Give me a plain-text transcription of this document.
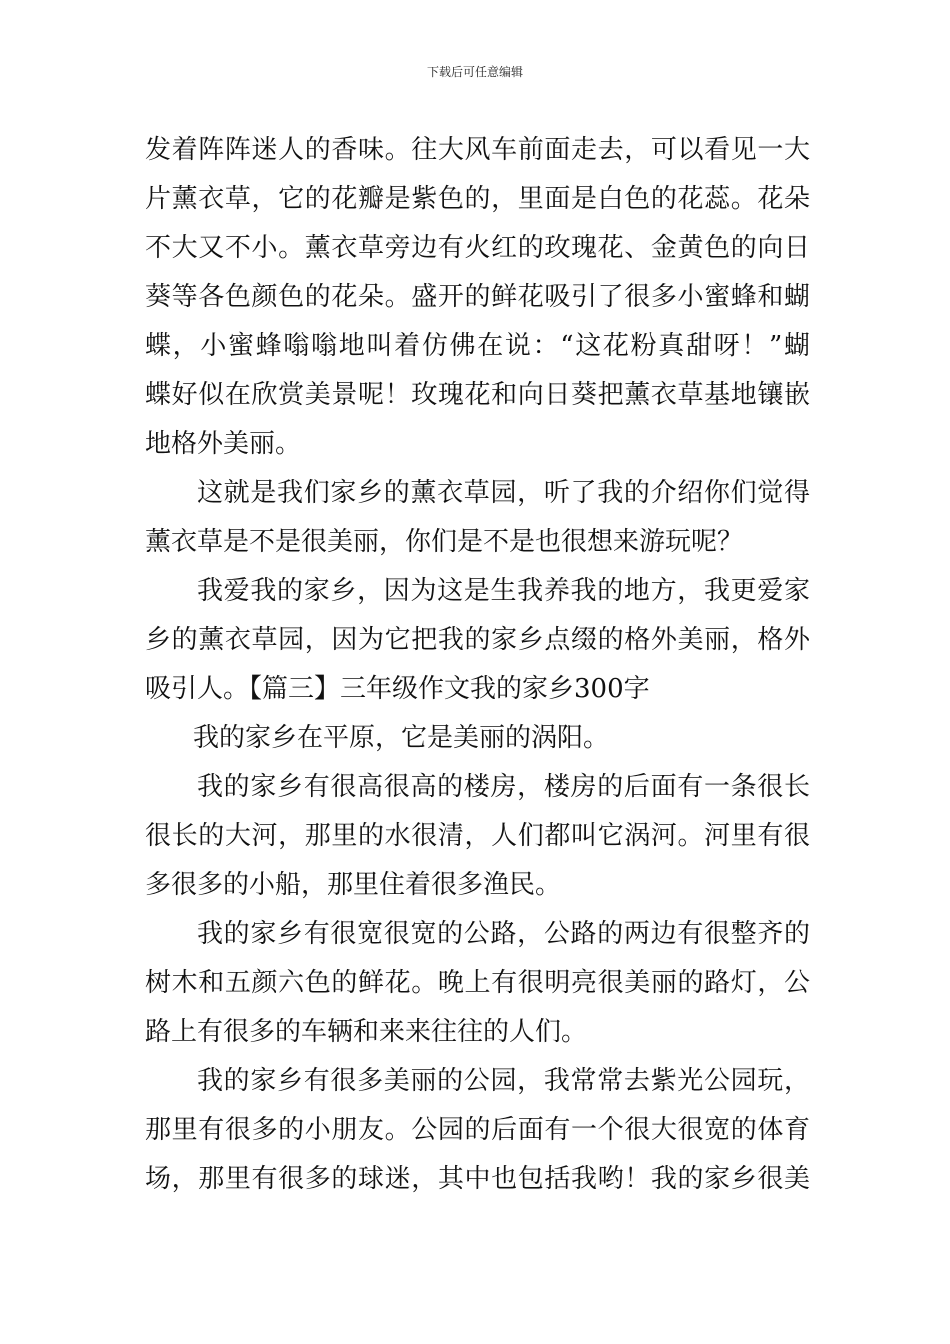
下载后可任意编辑
发着阵阵迷人的香味。往大风车前面走去，可以看见一大
片薰衣草，它的花瓣是紫色的，里面是白色的花蕊。花朵
不大又不小。薰衣草旁边有火红的玫瑰花、金黄色的向日
葵等各色颜色的花朵。盛开的鲜花吸引了很多小蜜蜂和蝴
蝶，小蜜蜂嗡嗡地叫着仿佛在说：“这花粉真甜呀！”蝴
蝶好似在欣赏美景呢！玫瑰花和向日葵把薰衣草基地镶嵌
地格外美丽。
这就是我们家乡的薰衣草园，听了我的介绍你们觉得
薰衣草是不是很美丽，你们是不是也很想来游玩呢？
我爱我的家乡，因为这是生我养我的地方，我更爱家
乡的薰衣草园，因为它把我的家乡点缀的格外美丽，格外
吸引人。【篇三】三年级作文我的家乡300字
我的家乡在平原，它是美丽的涡阳。
我的家乡有很高很高的楼房，楼房的后面有一条很长
很长的大河，那里的水很清，人们都叫它涡河。河里有很
多很多的小船，那里住着很多渔民。
我的家乡有很宽很宽的公路，公路的两边有很整齐的
树木和五颜六色的鲜花。晚上有很明亮很美丽的路灯，公
路上有很多的车辆和来来往往的人们。
我的家乡有很多美丽的公园，我常常去紫光公园玩，
那里有很多的小朋友。公园的后面有一个很大很宽的体育
场，那里有很多的球迷，其中也包括我哟！我的家乡很美
